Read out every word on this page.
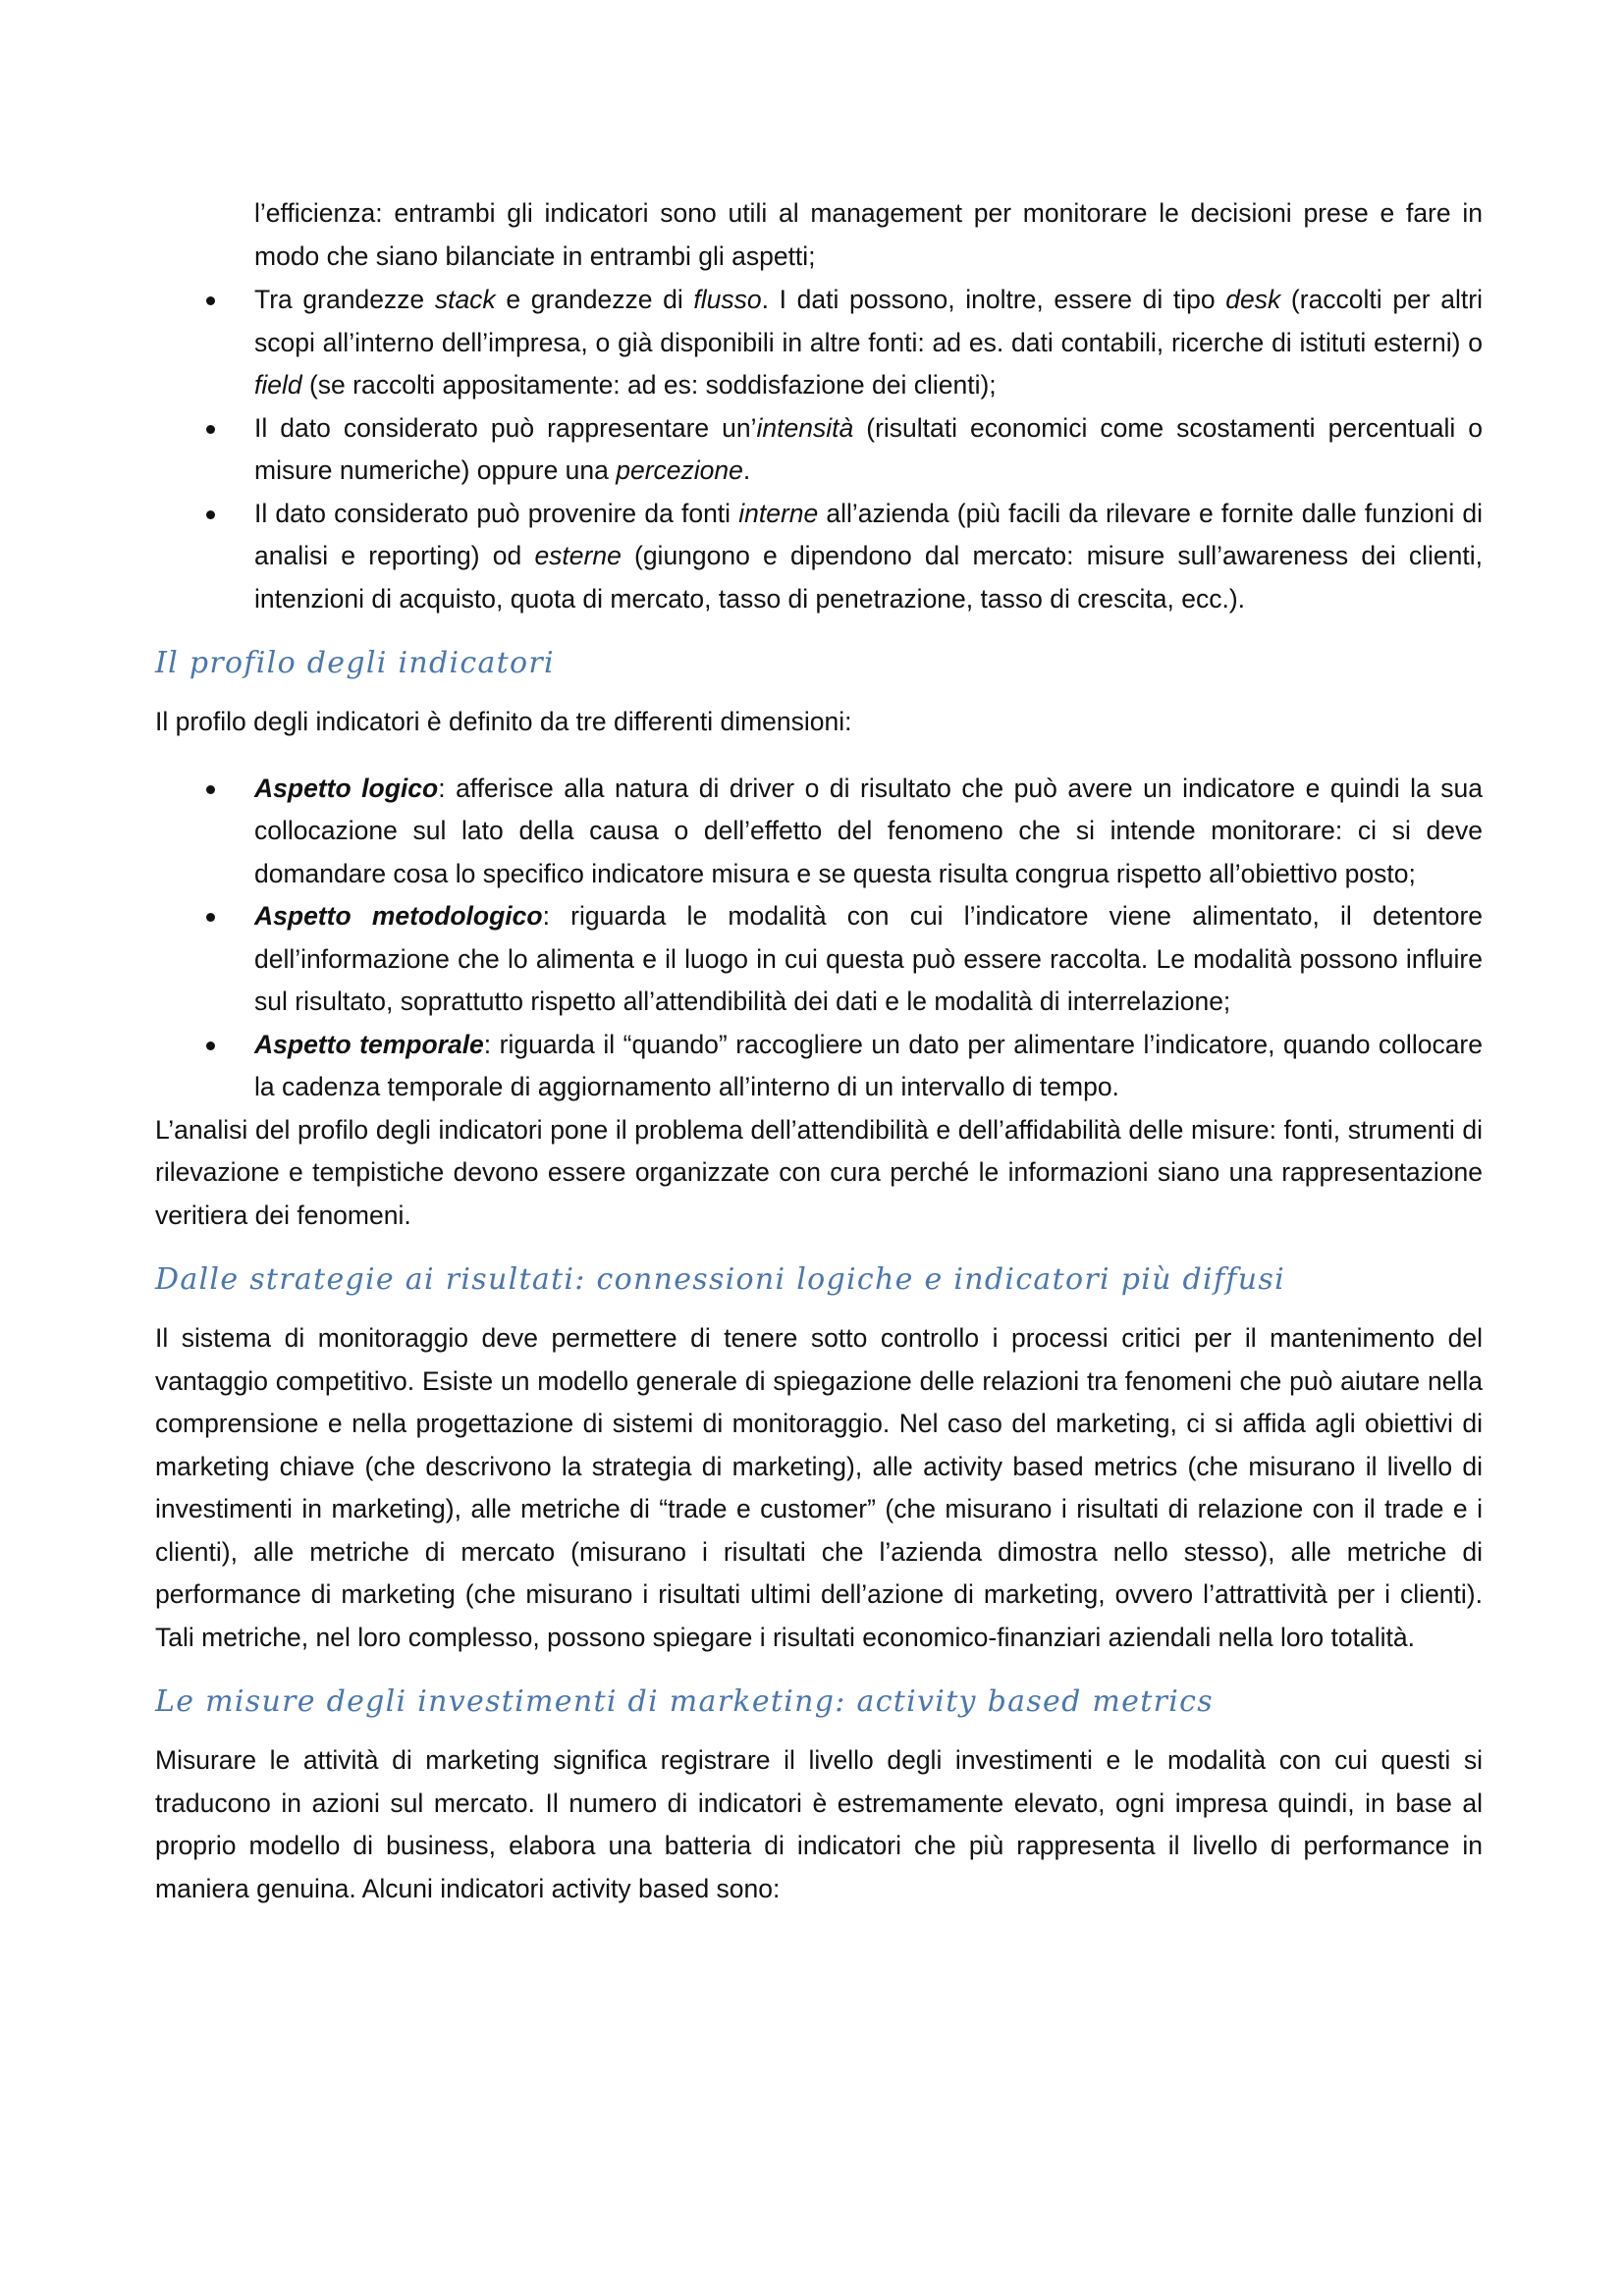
l’efficienza: entrambi gli indicatori sono utili al management per monitorare le decisioni prese e fare in modo che siano bilanciate in entrambi gli aspetti;

Tra grandezze stack e grandezze di flusso. I dati possono, inoltre, essere di tipo desk (raccolti per altri scopi all’interno dell’impresa, o già disponibili in altre fonti: ad es. dati contabili, ricerche di istituti esterni) o field (se raccolti appositamente: ad es: soddisfazione dei clienti);
Il dato considerato può rappresentare un’intensità (risultati economici come scostamenti percentuali o misure numeriche) oppure una percezione.
Il dato considerato può provenire da fonti interne all’azienda (più facili da rilevare e fornite dalle funzioni di analisi e reporting) od esterne (giungono e dipendono dal mercato: misure sull’awareness dei clienti, intenzioni di acquisto, quota di mercato, tasso di penetrazione, tasso di crescita, ecc.).
Il profilo degli indicatori

Il profilo degli indicatori è definito da tre differenti dimensioni:

Aspetto logico: afferisce alla natura di driver o di risultato che può avere un indicatore e quindi la sua collocazione sul lato della causa o dell’effetto del fenomeno che si intende monitorare: ci si deve domandare cosa lo specifico indicatore misura e se questa risulta congrua rispetto all’obiettivo posto;
Aspetto metodologico: riguarda le modalità con cui l’indicatore viene alimentato, il detentore dell’informazione che lo alimenta e il luogo in cui questa può essere raccolta. Le modalità possono influire sul risultato, soprattutto rispetto all’attendibilità dei dati e le modalità di interrelazione;
Aspetto temporale: riguarda il “quando” raccogliere un dato per alimentare l’indicatore, quando collocare la cadenza temporale di aggiornamento all’interno di un intervallo di tempo.

L’analisi del profilo degli indicatori pone il problema dell’attendibilità e dell’affidabilità delle misure: fonti, strumenti di rilevazione e tempistiche devono essere organizzate con cura perché le informazioni siano una rappresentazione veritiera dei fenomeni.

Dalle strategie ai risultati: connessioni logiche e indicatori più diffusi

Il sistema di monitoraggio deve permettere di tenere sotto controllo i processi critici per il mantenimento del vantaggio competitivo. Esiste un modello generale di spiegazione delle relazioni tra fenomeni che può aiutare nella comprensione e nella progettazione di sistemi di monitoraggio. Nel caso del marketing, ci si affida agli obiettivi di marketing chiave (che descrivono la strategia di marketing), alle activity based metrics (che misurano il livello di investimenti in marketing), alle metriche di “trade e customer” (che misurano i risultati di relazione con il trade e i clienti), alle metriche di mercato (misurano i risultati che l’azienda dimostra nello stesso), alle metriche di performance di marketing (che misurano i risultati ultimi dell’azione di marketing, ovvero l’attrattività per i clienti). Tali metriche, nel loro complesso, possono spiegare i risultati economico-finanziari aziendali nella loro totalità.

Le misure degli investimenti di marketing: activity based metrics

Misurare le attività di marketing significa registrare il livello degli investimenti e le modalità con cui questi si traducono in azioni sul mercato. Il numero di indicatori è estremamente elevato, ogni impresa quindi, in base al proprio modello di business, elabora una batteria di indicatori che più rappresenta il livello di performance in maniera genuina. Alcuni indicatori activity based sono:
